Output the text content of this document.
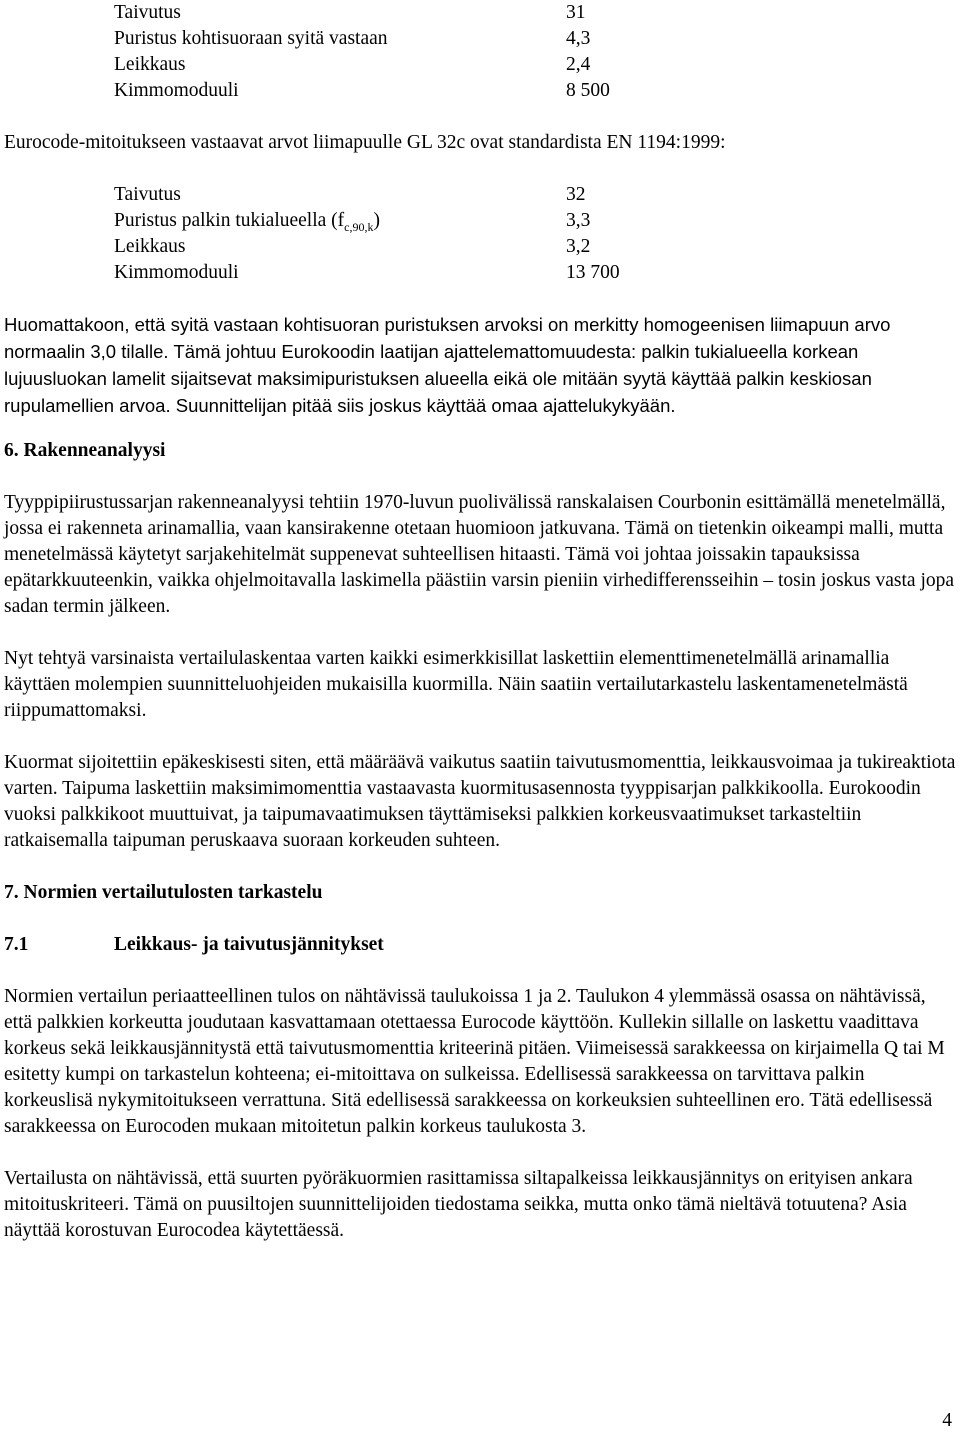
Taivutus	31
Puristus kohtisuoraan syitä vastaan	4,3
Leikkaus	2,4
Kimmomoduuli	8 500

Eurocode-mitoitukseen vastaavat arvot liimapuulle GL 32c ovat standardista EN 1194:1999:

Taivutus	32
Puristus palkin tukialueella $(f_{c,90,k})$	3,3
Leikkaus	3,2
Kimmomoduuli	13 700

Huomattakoon, että syitä vastaan kohtisuoran puristuksen arvoksi on merkitty homogeenisen liimapuun arvo normaalin 3,0 tilalle. Tämä johtuu Eurokoodin laatijan ajattelemattomuudesta: palkin tukialueella korkean lujuusluokan lamelit sijaitsevat maksimipuristuksen alueella eikä ole mitään syytä käyttää palkin keskiosan rupulamellien arvoa. Suunnittelijan pitää siis joskus käyttää omaa ajattelukykyään.

6. Rakenneanalyysi

Tyyppipiirustussarjan rakenneanalyysi tehtiin 1970-luvun puolivälissä ranskalaisen Courbonin esittämällä menetelmällä, jossa ei rakenneta arinamallia, vaan kansirakenne otetaan huomioon jatkuvana. Tämä on tietenkin oikeampi malli, mutta menetelmässä käytetyt sarjakehitelmät suppenevat suhteellisen hitaasti. Tämä voi johtaa joissakin tapauksissa epätarkkuuteenkin, vaikka ohjelmoitavalla laskimella päästiin varsin pieniin virhedifferensseihin – tosin joskus vasta jopa sadan termin jälkeen.

Nyt tehtyä varsinaista vertailulaskentaa varten kaikki esimerkkisillat laskettiin elementtimenetelmällä arinamallia käyttäen molempien suunnitteluohjeiden mukaisilla kuormilla. Näin saatiin vertailutarkastelu laskentamenetelmästä riippumattomaksi.

Kuormat sijoitettiin epäkeskisesti siten, että määräävä vaikutus saatiin taivutusmomenttia, leikkausvoimaa ja tukireaktiota varten. Taipuma laskettiin maksimimomenttia vastaavasta kuormitusasennosta tyyppisarjan palkkikoolla. Eurokoodin vuoksi palkkikoot muuttuivat, ja taipumavaatimuksen täyttämiseksi palkkien korkeusvaatimukset tarkasteltiin ratkaisemalla taipuman peruskaava suoraan korkeuden suhteen.

7. Normien vertailutulosten tarkastelu
7.1	Leikkaus- ja taivutusjännitykset

Normien vertailun periaatteellinen tulos on nähtävissä taulukoissa 1 ja 2. Taulukon 4 ylemmässä osassa on nähtävissä, että palkkien korkeutta joudutaan kasvattamaan otettaessa Eurocode käyttöön. Kullekin sillalle on laskettu vaadittava korkeus sekä leikkausjännitystä että taivutusmomenttia kriteerinä pitäen. Viimeisessä sarakkeessa on kirjaimella Q tai M esitetty kumpi on tarkastelun kohteena; ei-mitoittava on sulkeissa. Edellisessä sarakkeessa on tarvittava palkin korkeuslisä nykymitoitukseen verrattuna. Sitä edellisessä sarakkeessa on korkeuksien suhteellinen ero. Tätä edellisessä sarakkeessa on Eurocoden mukaan mitoitetun palkin korkeus taulukosta 3.

Vertailusta on nähtävissä, että suurten pyöräkuormien rasittamissa siltapalkeissa leikkausjännitys on erityisen ankara mitoituskriteeri. Tämä on puusiltojen suunnittelijoiden tiedostama seikka, mutta onko tämä nieltävä totuutena? Asia näyttää korostuvan Eurocodea käytettäessä.

4
